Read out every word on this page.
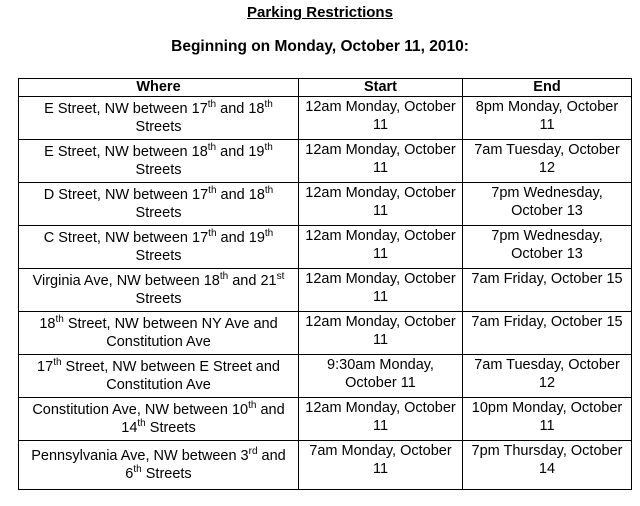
Parking Restrictions
Beginning on Monday, October 11, 2010:
Where	Start	End
E Street, NW between 17th and 18th Streets	12am Monday, October 11	8pm Monday, October 11
E Street, NW between 18th and 19th Streets	12am Monday, October 11	7am Tuesday, October 12
D Street, NW between 17th and 18th Streets	12am Monday, October 11	7pm Wednesday, October 13
C Street, NW between 17th and 19th Streets	12am Monday, October 11	7pm Wednesday, October 13
Virginia Ave, NW between 18th and 21st Streets	12am Monday, October 11	7am Friday, October 15
18th Street, NW between NY Ave and Constitution Ave	12am Monday, October 11	7am Friday, October 15
17th Street, NW between E Street and Constitution Ave	9:30am Monday, October 11	7am Tuesday, October 12
Constitution Ave, NW between 10th and 14th Streets	12am Monday, October 11	10pm Monday, October 11
Pennsylvania Ave, NW between 3rd and 6th Streets	7am Monday, October 11	7pm Thursday, October 14
